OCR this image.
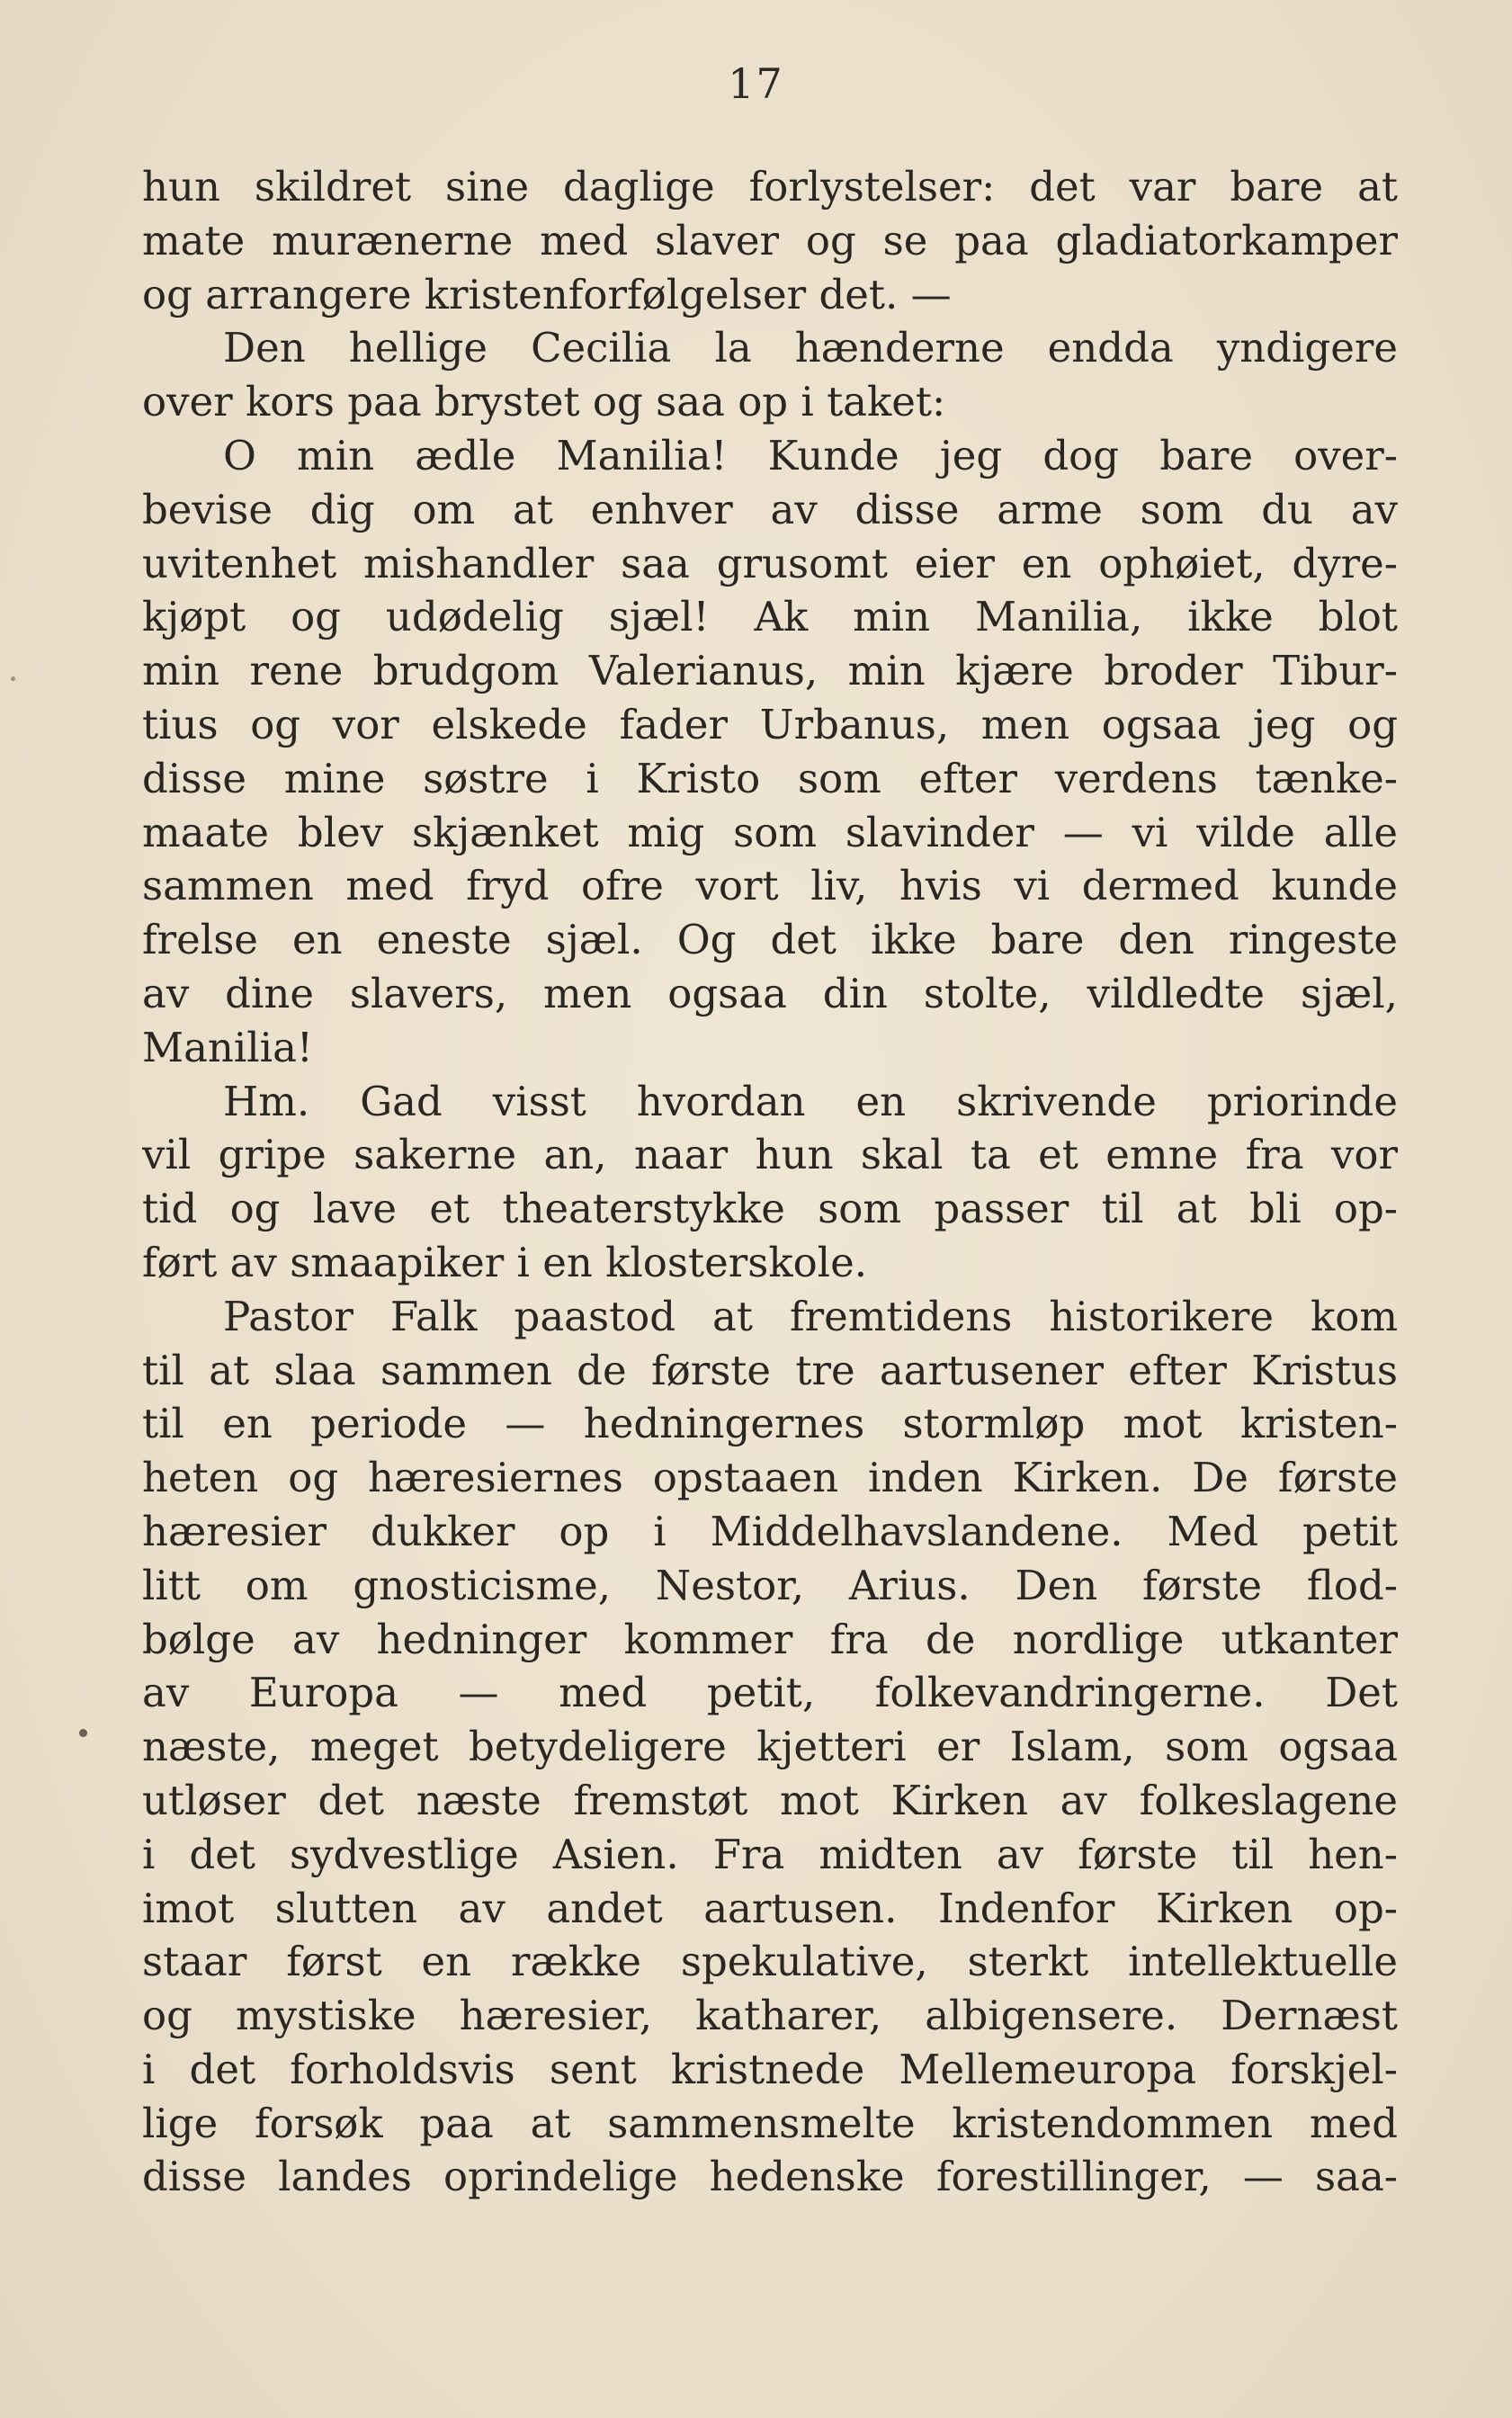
17
hun skildret sine daglige forlystelser: det var bare at
mate murænerne med slaver og se paa gladiatorkamper
og arrangere kristenforfølgelser det. —
Den hellige Cecilia la hænderne endda yndigere
over kors paa brystet og saa op i taket:
O min ædle Manilia! Kunde jeg dog bare over-
bevise dig om at enhver av disse arme som du av
uvitenhet mishandler saa grusomt eier en ophøiet, dyre-
kjøpt og udødelig sjæl! Ak min Manilia, ikke blot
min rene brudgom Valerianus, min kjære broder Tibur-
tius og vor elskede fader Urbanus, men ogsaa jeg og
disse mine søstre i Kristo som efter verdens tænke-
maate blev skjænket mig som slavinder — vi vilde alle
sammen med fryd ofre vort liv, hvis vi dermed kunde
frelse en eneste sjæl. Og det ikke bare den ringeste
av dine slavers, men ogsaa din stolte, vildledte sjæl,
Manilia!
Hm. Gad visst hvordan en skrivende priorinde
vil gripe sakerne an, naar hun skal ta et emne fra vor
tid og lave et theaterstykke som passer til at bli op-
ført av smaapiker i en klosterskole.
Pastor Falk paastod at fremtidens historikere kom
til at slaa sammen de første tre aartusener efter Kristus
til en periode — hedningernes stormløp mot kristen-
heten og hæresiernes opstaaen inden Kirken. De første
hæresier dukker op i Middelhavslandene. Med petit
litt om gnosticisme, Nestor, Arius. Den første flod-
bølge av hedninger kommer fra de nordlige utkanter
av Europa — med petit, folkevandringerne. Det
næste, meget betydeligere kjetteri er Islam, som ogsaa
utløser det næste fremstøt mot Kirken av folkeslagene
i det sydvestlige Asien. Fra midten av første til hen-
imot slutten av andet aartusen. Indenfor Kirken op-
staar først en række spekulative, sterkt intellektuelle
og mystiske hæresier, katharer, albigensere. Dernæst
i det forholdsvis sent kristnede Mellemeuropa forskjel-
lige forsøk paa at sammensmelte kristendommen med
disse landes oprindelige hedenske forestillinger, — saa-
